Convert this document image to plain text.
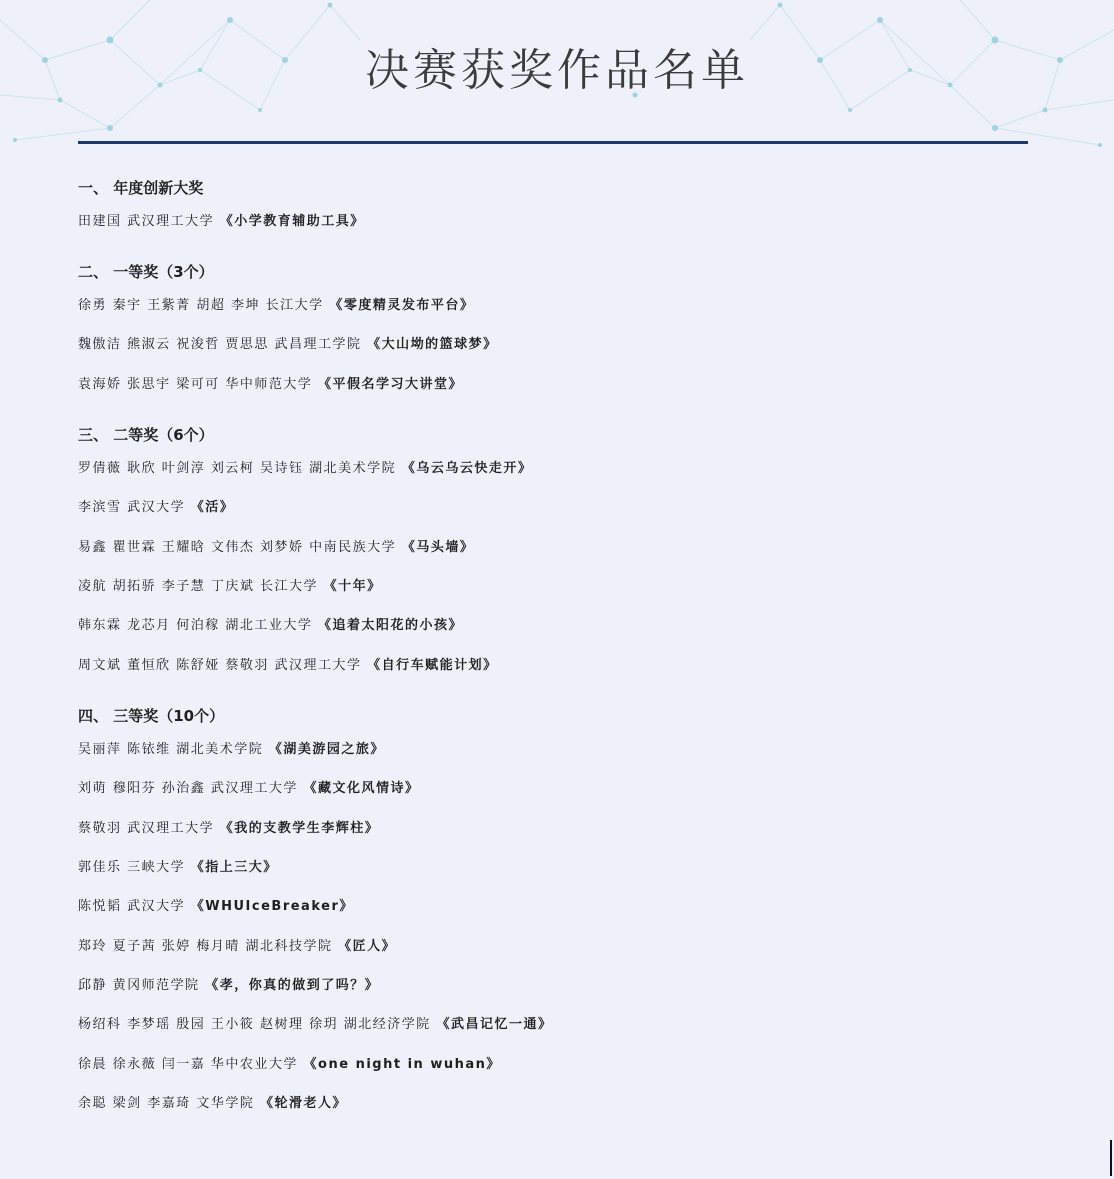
决赛获奖作品名单
一、 年度创新大奖
田建国 武汉理工大学 《小学教育辅助工具》
二、 一等奖（3个）
徐勇 秦宇 王紫菁 胡超 李坤 长江大学 《零度精灵发布平台》
魏傲洁 熊淑云 祝浚哲 贾思思 武昌理工学院 《大山坳的篮球梦》
袁海娇 张思宇 梁可可 华中师范大学 《平假名学习大讲堂》
三、 二等奖（6个）
罗倩薇 耿欣 叶剑淳 刘云柯 吴诗钰 湖北美术学院 《乌云乌云快走开》
李滨雪 武汉大学 《活》
易鑫 瞿世霖 王耀晗 文伟杰 刘梦娇 中南民族大学 《马头墙》
凌航 胡拓骄 李子慧 丁庆斌 长江大学 《十年》
韩东霖 龙芯月 何泊稼 湖北工业大学 《追着太阳花的小孩》
周文斌 董恒欣 陈舒娅 蔡敬羽 武汉理工大学 《自行车赋能计划》
四、 三等奖（10个）
吴丽萍 陈铱维 湖北美术学院 《湖美游园之旅》
刘萌 穆阳芬 孙治鑫 武汉理工大学 《藏文化风情诗》
蔡敬羽 武汉理工大学 《我的支教学生李辉柱》
郭佳乐 三峡大学 《指上三大》
陈悦韬 武汉大学 《WHUIceBreaker》
郑玲 夏子茜 张婷 梅月晴 湖北科技学院 《匠人》
邱静 黄冈师范学院 《孝，你真的做到了吗？》
杨绍科 李梦瑶 殷园 王小筱 赵树理 徐玥 湖北经济学院 《武昌记忆一通》
徐晨 徐永薇 闫一嘉 华中农业大学 《one night in wuhan》
余聪 梁剑 李嘉琦 文华学院 《轮滑老人》
